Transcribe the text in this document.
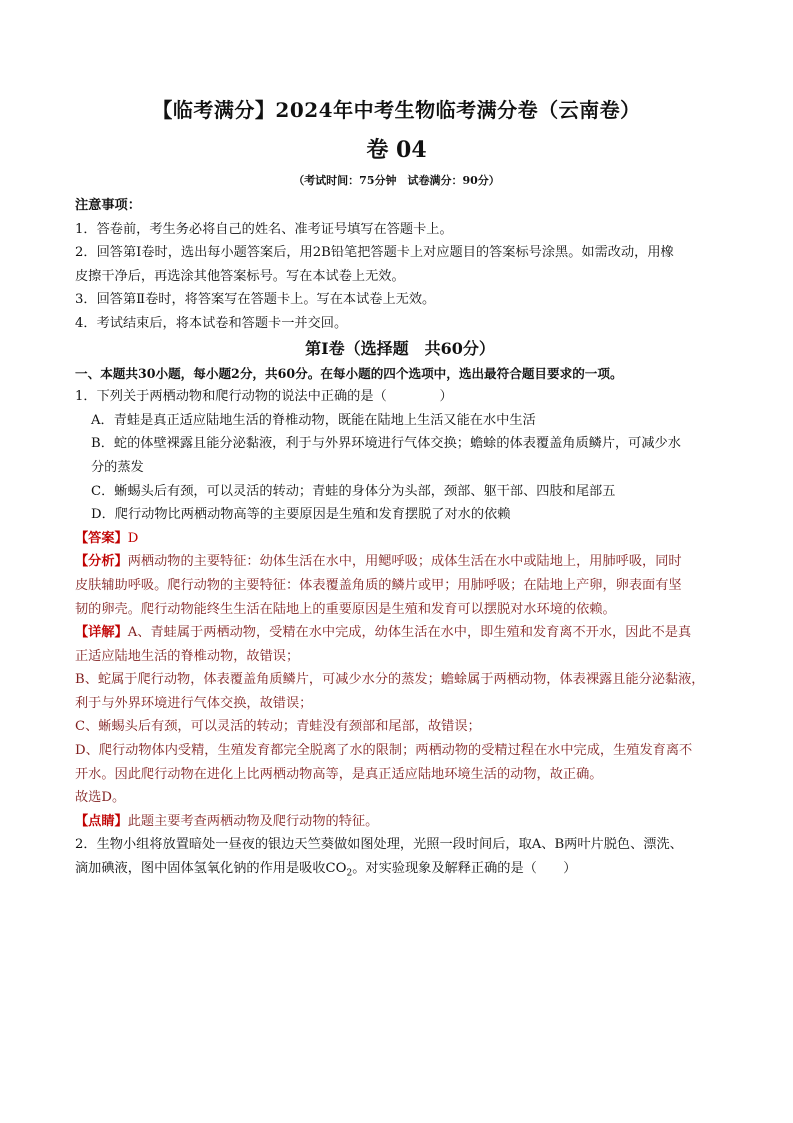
【临考满分】2024年中考生物临考满分卷（云南卷）
卷 04
（考试时间：75分钟　试卷满分：90分）

注意事项：

1．答卷前，考生务必将自己的姓名、准考证号填写在答题卡上。

2．回答第Ⅰ卷时，选出每小题答案后，用2B铅笔把答题卡上对应题目的答案标号涂黑。如需改动，用橡

皮擦干净后，再选涂其他答案标号。写在本试卷上无效。

3．回答第Ⅱ卷时，将答案写在答题卡上。写在本试卷上无效。

4．考试结束后，将本试卷和答题卡一并交回。

第Ⅰ卷（选择题　共60分）

一、本题共30小题，每小题2分，共60分。在每小题的四个选项中，选出最符合题目要求的一项。

1．下列关于两栖动物和爬行动物的说法中正确的是（　　　　）

A．青蛙是真正适应陆地生活的脊椎动物，既能在陆地上生活又能在水中生活

B．蛇的体壁裸露且能分泌黏液，利于与外界环境进行气体交换；蟾蜍的体表覆盖角质鳞片，可减少水

分的蒸发

C．蜥蜴头后有颈，可以灵活的转动；青蛙的身体分为头部，颈部、躯干部、四肢和尾部五

D．爬行动物比两栖动物高等的主要原因是生殖和发育摆脱了对水的依赖

【答案】D

【分析】两栖动物的主要特征：幼体生活在水中，用鳃呼吸；成体生活在水中或陆地上，用肺呼吸，同时

皮肤辅助呼吸。爬行动物的主要特征：体表覆盖角质的鳞片或甲；用肺呼吸；在陆地上产卵，卵表面有坚

韧的卵壳。爬行动物能终生生活在陆地上的重要原因是生殖和发育可以摆脱对水环境的依赖。

【详解】A、青蛙属于两栖动物，受精在水中完成，幼体生活在水中，即生殖和发育离不开水，因此不是真

正适应陆地生活的脊椎动物，故错误；

B、蛇属于爬行动物，体表覆盖角质鳞片，可减少水分的蒸发；蟾蜍属于两栖动物，体表裸露且能分泌黏液，

利于与外界环境进行气体交换，故错误；

C、蜥蜴头后有颈，可以灵活的转动；青蛙没有颈部和尾部，故错误；

D、爬行动物体内受精，生殖发育都完全脱离了水的限制；两栖动物的受精过程在水中完成，生殖发育离不

开水。因此爬行动物在进化上比两栖动物高等，是真正适应陆地环境生活的动物，故正确。

故选D。

【点睛】此题主要考查两栖动物及爬行动物的特征。

2．生物小组将放置暗处一昼夜的银边天竺葵做如图处理，光照一段时间后，取A、B两叶片脱色、漂洗、

滴加碘液，图中固体氢氧化钠的作用是吸收$CO_2$。对实验现象及解释正确的是（　　）
